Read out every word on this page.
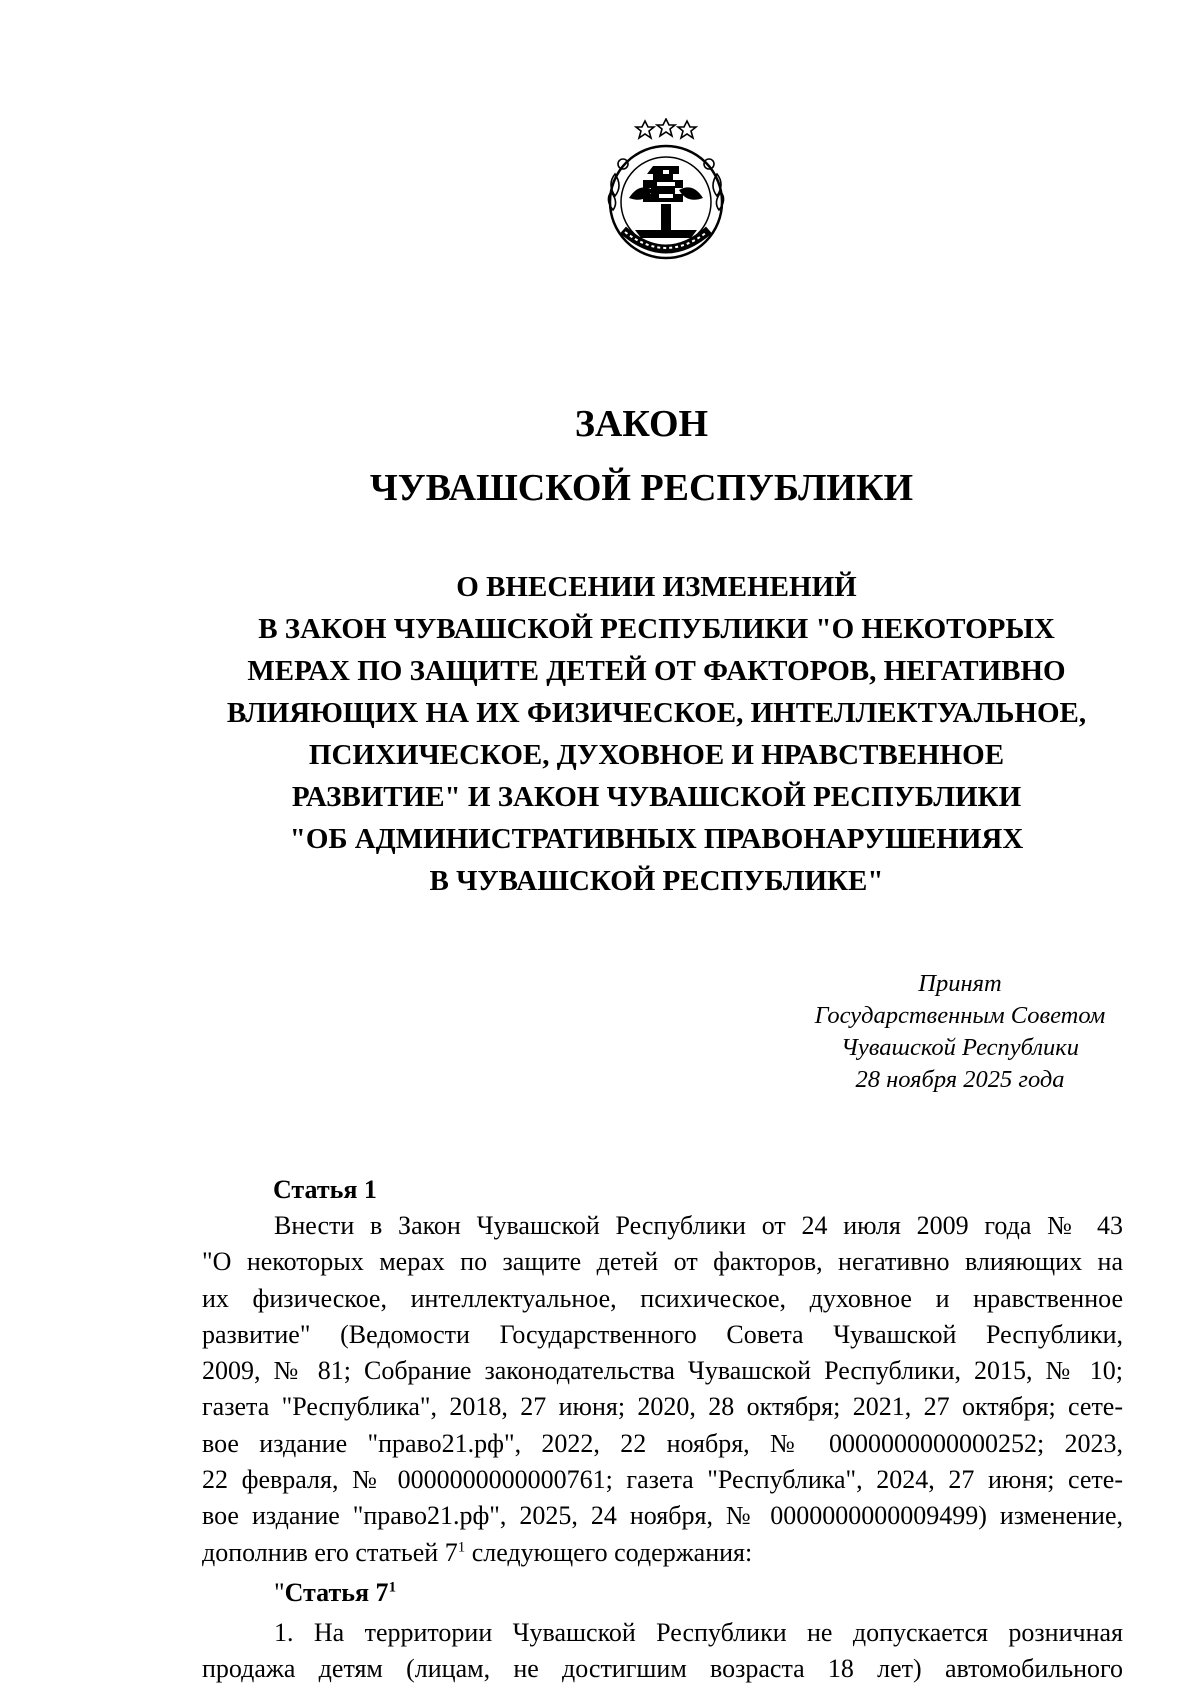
ЗАКОН
ЧУВАШСКОЙ РЕСПУБЛИКИ
О ВНЕСЕНИИ ИЗМЕНЕНИЙ
В ЗАКОН ЧУВАШСКОЙ РЕСПУБЛИКИ "О НЕКОТОРЫХ
МЕРАХ ПО ЗАЩИТЕ ДЕТЕЙ ОТ ФАКТОРОВ, НЕГАТИВНО
ВЛИЯЮЩИХ НА ИХ ФИЗИЧЕСКОЕ, ИНТЕЛЛЕКТУАЛЬНОЕ,
ПСИХИЧЕСКОЕ, ДУХОВНОЕ И НРАВСТВЕННОЕ
РАЗВИТИЕ" И ЗАКОН ЧУВАШСКОЙ РЕСПУБЛИКИ
"ОБ АДМИНИСТРАТИВНЫХ ПРАВОНАРУШЕНИЯХ
В ЧУВАШСКОЙ РЕСПУБЛИКЕ"
Принят
Государственным Советом
Чувашской Республики
28 ноября 2025 года
Статья 1
Внести в Закон Чувашской Республики от 24 июля 2009 года № 43
"О некоторых мерах по защите детей от факторов, негативно влияющих на
их физическое, интеллектуальное, психическое, духовное и нравственное
развитие" (Ведомости Государственного Совета Чувашской Республики,
2009, № 81; Собрание законодательства Чувашской Республики, 2015, № 10;
газета "Республика", 2018, 27 июня; 2020, 28 октября; 2021, 27 октября; сете-
вое издание "право21.рф", 2022, 22 ноября, № 0000000000000252; 2023,
22 февраля, № 0000000000000761; газета "Республика", 2024, 27 июня; сете-
вое издание "право21.рф", 2025, 24 ноября, № 0000000000009499) изменение,
дополнив его статьей $7^1$ следующего содержания:
"Статья $7^1$
1. На территории Чувашской Республики не допускается розничная
продажа детям (лицам, не достигшим возраста 18 лет) автомобильного
